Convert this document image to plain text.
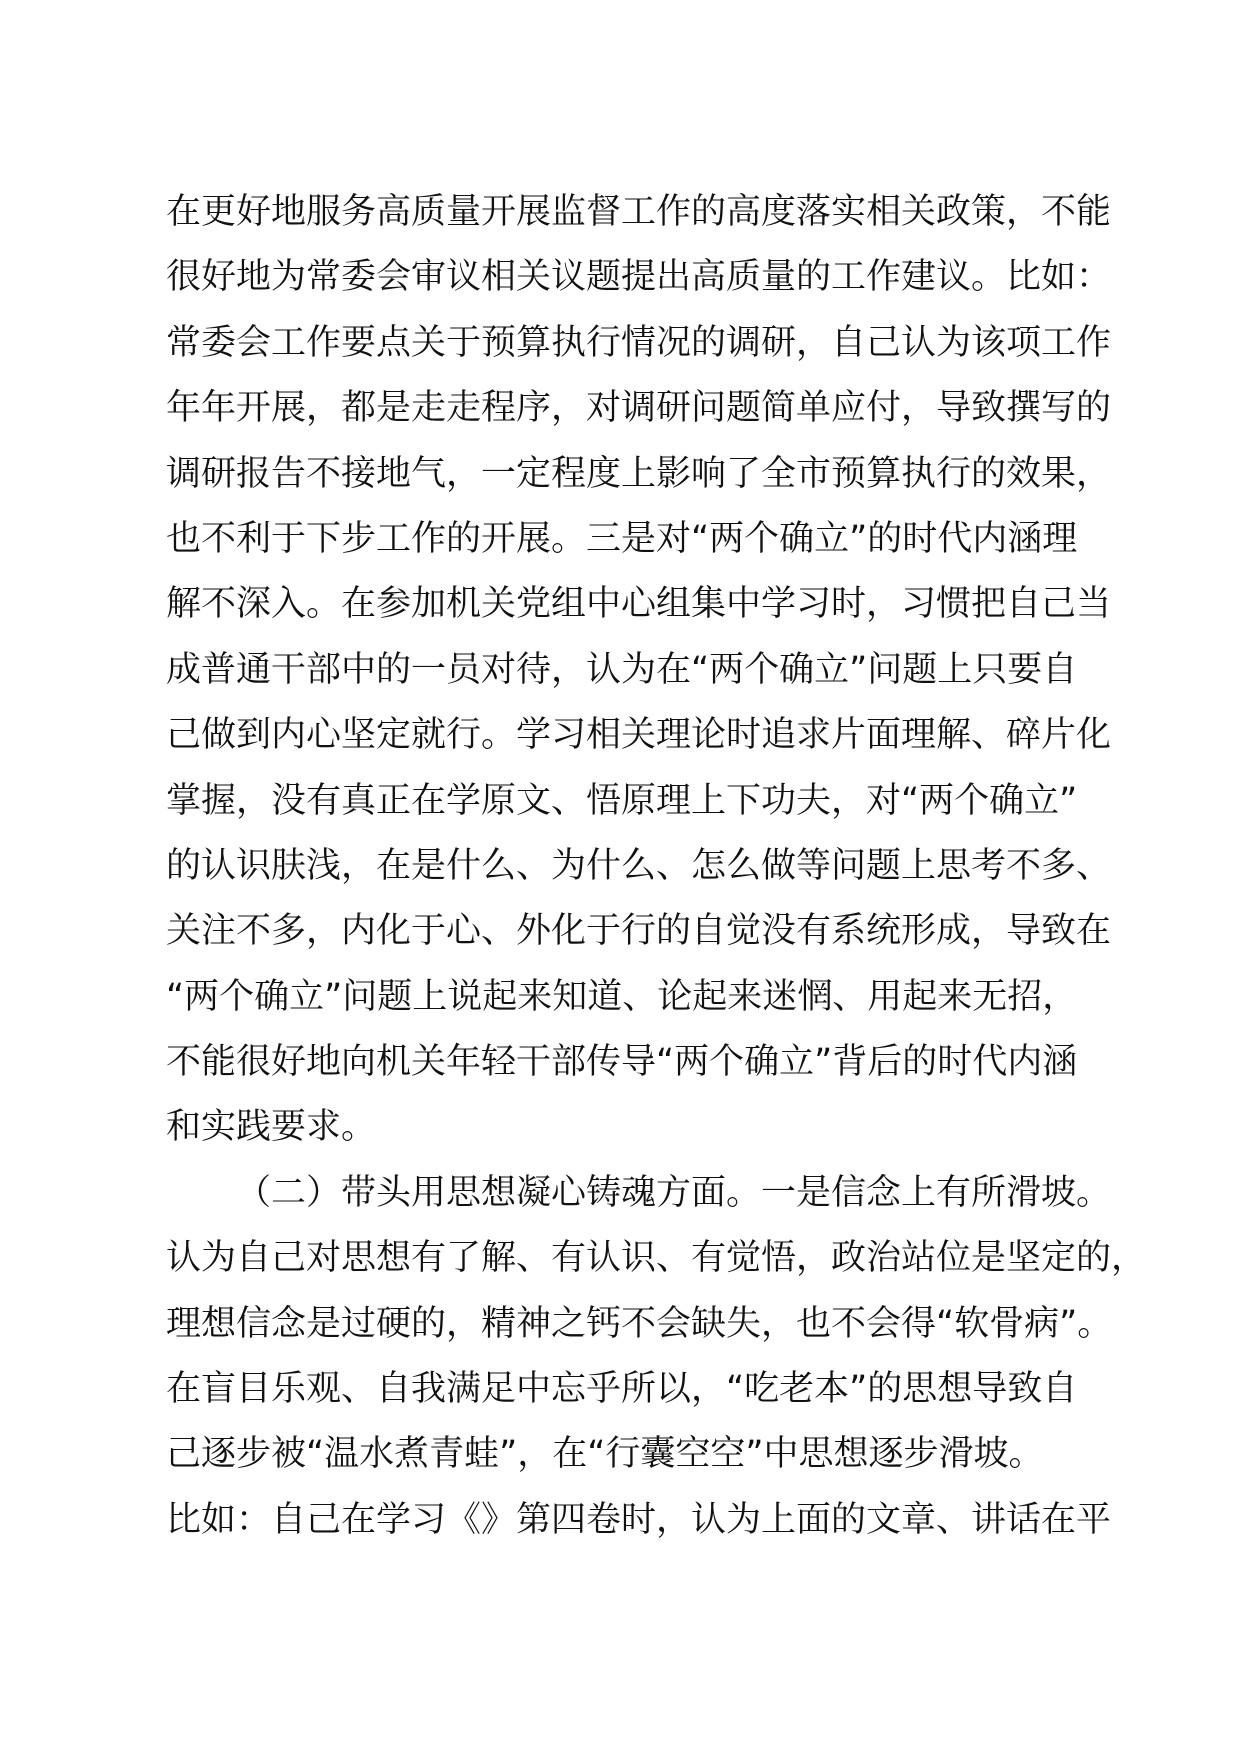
在更好地服务高质量开展监督工作的高度落实相关政策，不能
很好地为常委会审议相关议题提出高质量的工作建议。比如：
常委会工作要点关于预算执行情况的调研，自己认为该项工作
年年开展，都是走走程序，对调研问题简单应付，导致撰写的
调研报告不接地气，一定程度上影响了全市预算执行的效果，
也不利于下步工作的开展。三是对“两个确立”的时代内涵理
解不深入。在参加机关党组中心组集中学习时，习惯把自己当
成普通干部中的一员对待，认为在“两个确立”问题上只要自
己做到内心坚定就行。学习相关理论时追求片面理解、碎片化
掌握，没有真正在学原文、悟原理上下功夫，对“两个确立”
的认识肤浅，在是什么、为什么、怎么做等问题上思考不多、
关注不多，内化于心、外化于行的自觉没有系统形成，导致在
“两个确立”问题上说起来知道、论起来迷惘、用起来无招，
不能很好地向机关年轻干部传导“两个确立”背后的时代内涵
和实践要求。
（二）带头用思想凝心铸魂方面。一是信念上有所滑坡。
认为自己对思想有了解、有认识、有觉悟，政治站位是坚定的，
理想信念是过硬的，精神之钙不会缺失，也不会得“软骨病”。
在盲目乐观、自我满足中忘乎所以，“吃老本”的思想导致自
己逐步被“温水煮青蛙”，在“行囊空空”中思想逐步滑坡。
比如：自己在学习《》第四卷时，认为上面的文章、讲话在平
